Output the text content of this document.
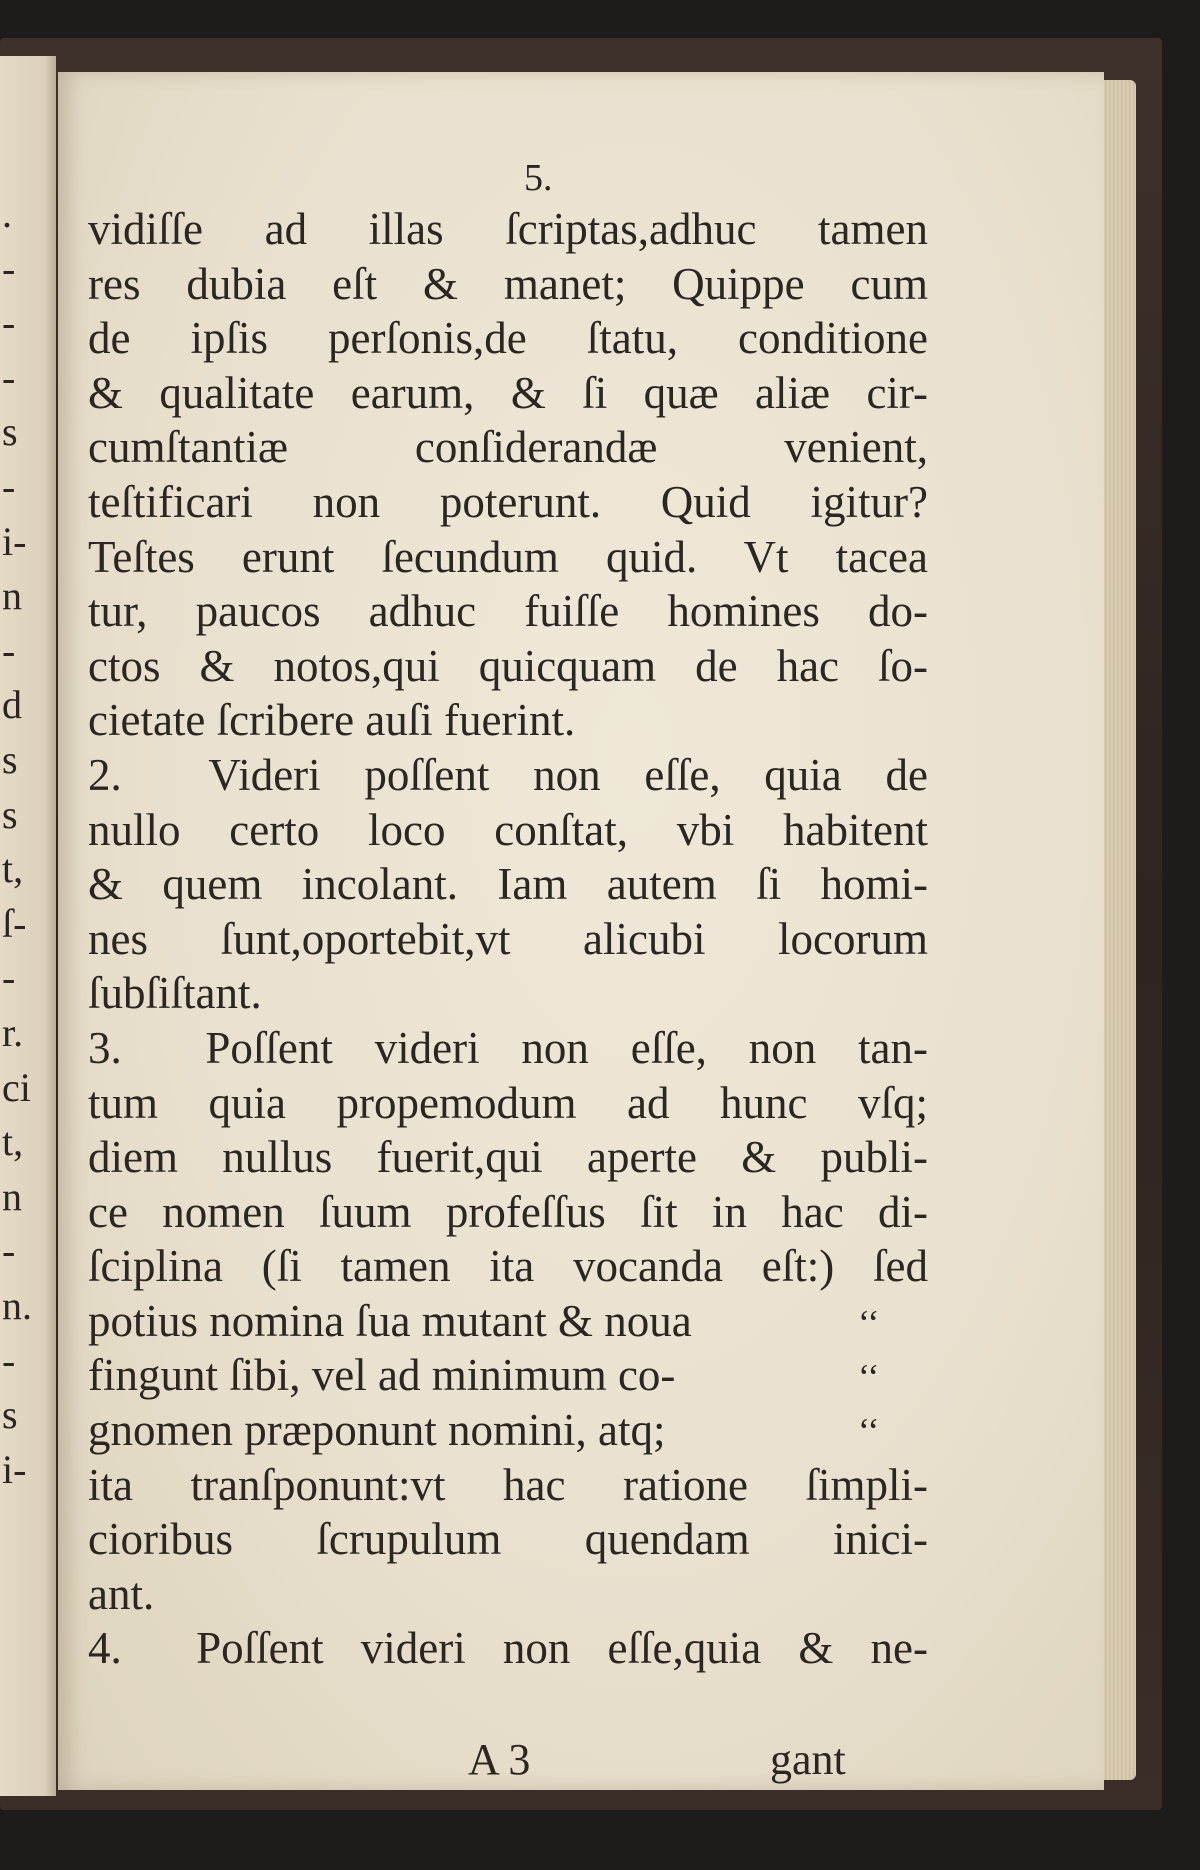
.
-
-
-
s
-
i-
n
-
d
s
s
t,
ſ-
-
r.
ci
t,
n
-
n.
-
s
i-
5.
vidiſſe ad illas ſcriptas,adhuc tamen
res dubia eſt & manet; Quippe cum
de ipſis perſonis,de ſtatu, conditione
& qualitate earum, & ſi quæ aliæ cir-
cumſtantiæ conſiderandæ venient,
teſtificari non poterunt. Quid igitur?
Teſtes erunt ſecundum quid. Vt tacea
tur, paucos adhuc fuiſſe homines do-
ctos & notos,qui quicquam de hac ſo-
cietate ſcribere auſi fuerint.
2.  Videri poſſent non eſſe, quia de
nullo certo loco conſtat, vbi habitent
& quem incolant. Iam autem ſi homi-
nes ſunt,oportebit,vt alicubi locorum
ſubſiſtant.
3.  Poſſent videri non eſſe, non tan-
tum quia propemodum ad hunc vſq;
diem nullus fuerit,qui aperte & publi-
ce nomen ſuum profeſſus ſit in hac di-
ſciplina (ſi tamen ita vocanda eſt:) ſed
potius nomina ſua mutant & noua
fingunt ſibi, vel ad minimum co-
gnomen præponunt nomini, atq;
ita tranſponunt:vt hac ratione ſimpli-
cioribus ſcrupulum quendam inici-
ant.
4.  Poſſent videri non eſſe,quia & ne-
‘‘
‘‘
‘‘
A 3	gant
